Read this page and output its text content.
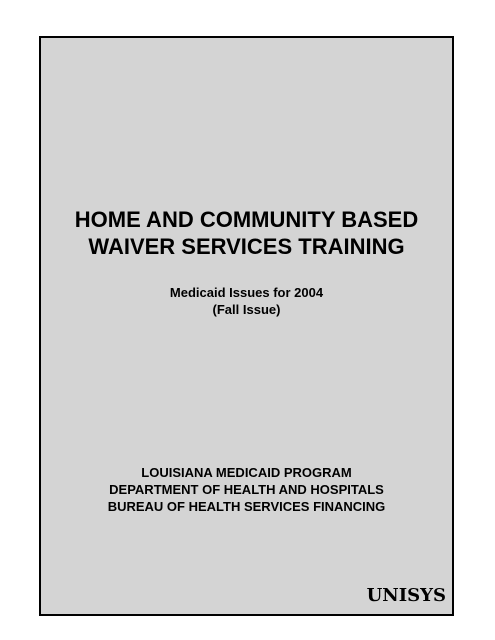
HOME AND COMMUNITY BASED
WAIVER SERVICES TRAINING
Medicaid Issues for 2004
(Fall Issue)
LOUISIANA MEDICAID PROGRAM
DEPARTMENT OF HEALTH AND HOSPITALS
BUREAU OF HEALTH SERVICES FINANCING
UNISYS
